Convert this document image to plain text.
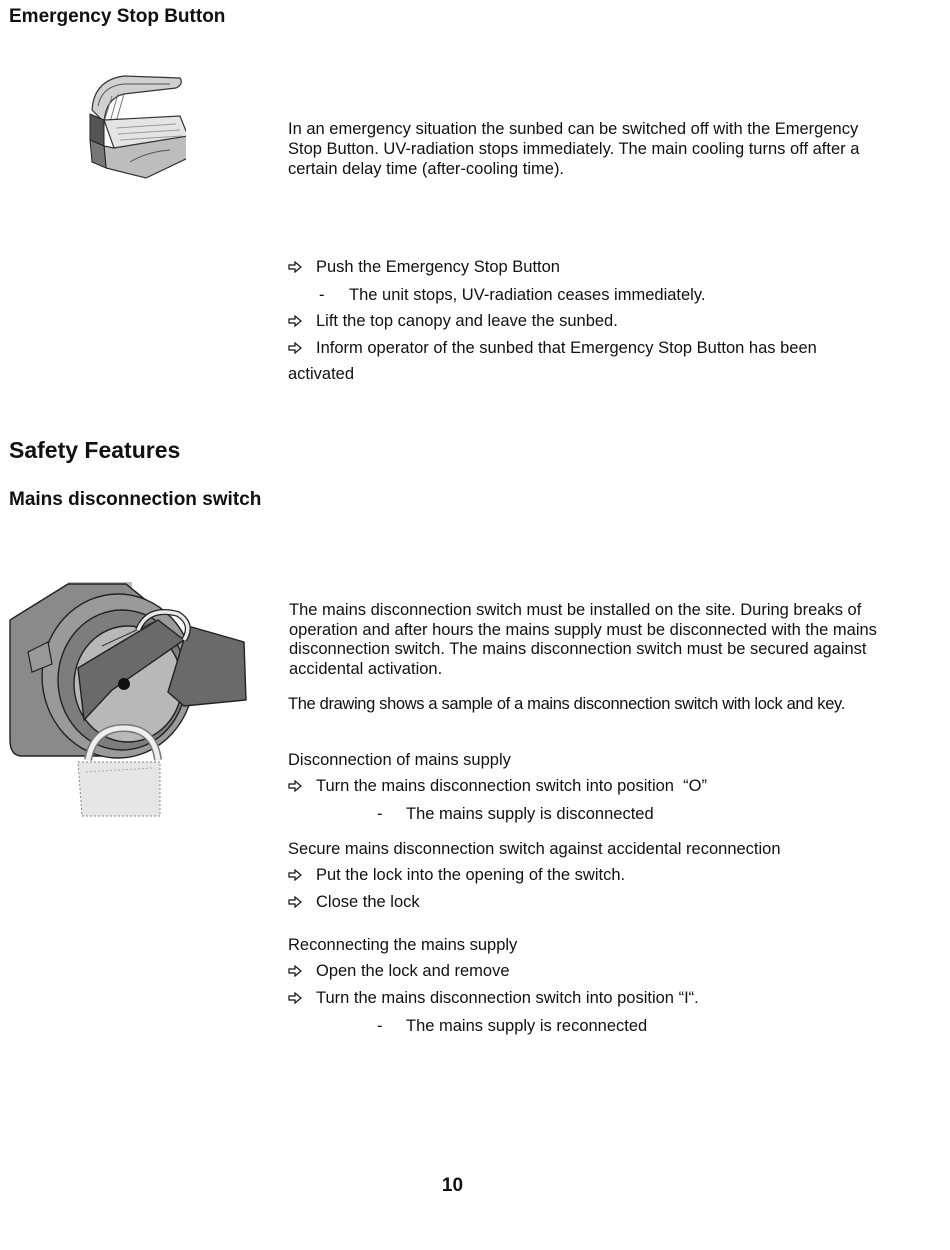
Emergency Stop Button
In an emergency situation the sunbed can be switched off with the Emergency Stop Button. UV-radiation stops immediately. The main cooling turns off after a certain delay time (after-cooling time).
Push the Emergency Stop Button
- The unit stops, UV-radiation ceases immediately.
Lift the top canopy and leave the sunbed.
Inform operator of the sunbed that Emergency Stop Button has been
activated
Safety Features
Mains disconnection switch
The mains disconnection switch must be installed on the site. During breaks of operation and after hours the mains supply must be disconnected with the mains disconnection switch. The mains disconnection switch must be secured against accidental activation.
The drawing shows a sample of a mains disconnection switch with lock and key.
Disconnection of mains supply
Turn the mains disconnection switch into position  “O”
- The mains supply is disconnected
Secure mains disconnection switch against accidental reconnection
Put the lock into the opening of the switch.
Close the lock
Reconnecting the mains supply
Open the lock and remove
Turn the mains disconnection switch into position “I“.
- The mains supply is reconnected
10
